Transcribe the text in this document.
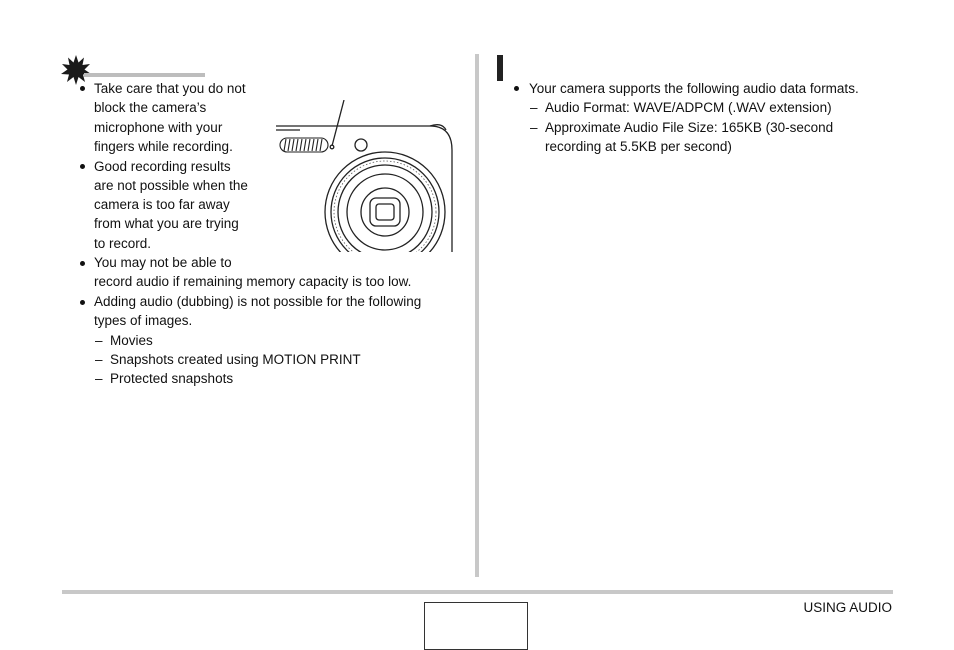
Take care that you do not
block the camera’s
microphone with your
fingers while recording.
Good recording results
are not possible when the
camera is too far away
from what you are trying
to record.
You may not be able to
record audio if remaining memory capacity is too low.
Adding audio (dubbing) is not possible for the following
types of images.
– Movies
– Snapshots created using MOTION PRINT
– Protected snapshots
Your camera supports the following audio data formats.
– Audio Format: WAVE/ADPCM (.WAV extension)
– Approximate Audio File Size: 165KB (30-second
recording at 5.5KB per second)
USING AUDIO
